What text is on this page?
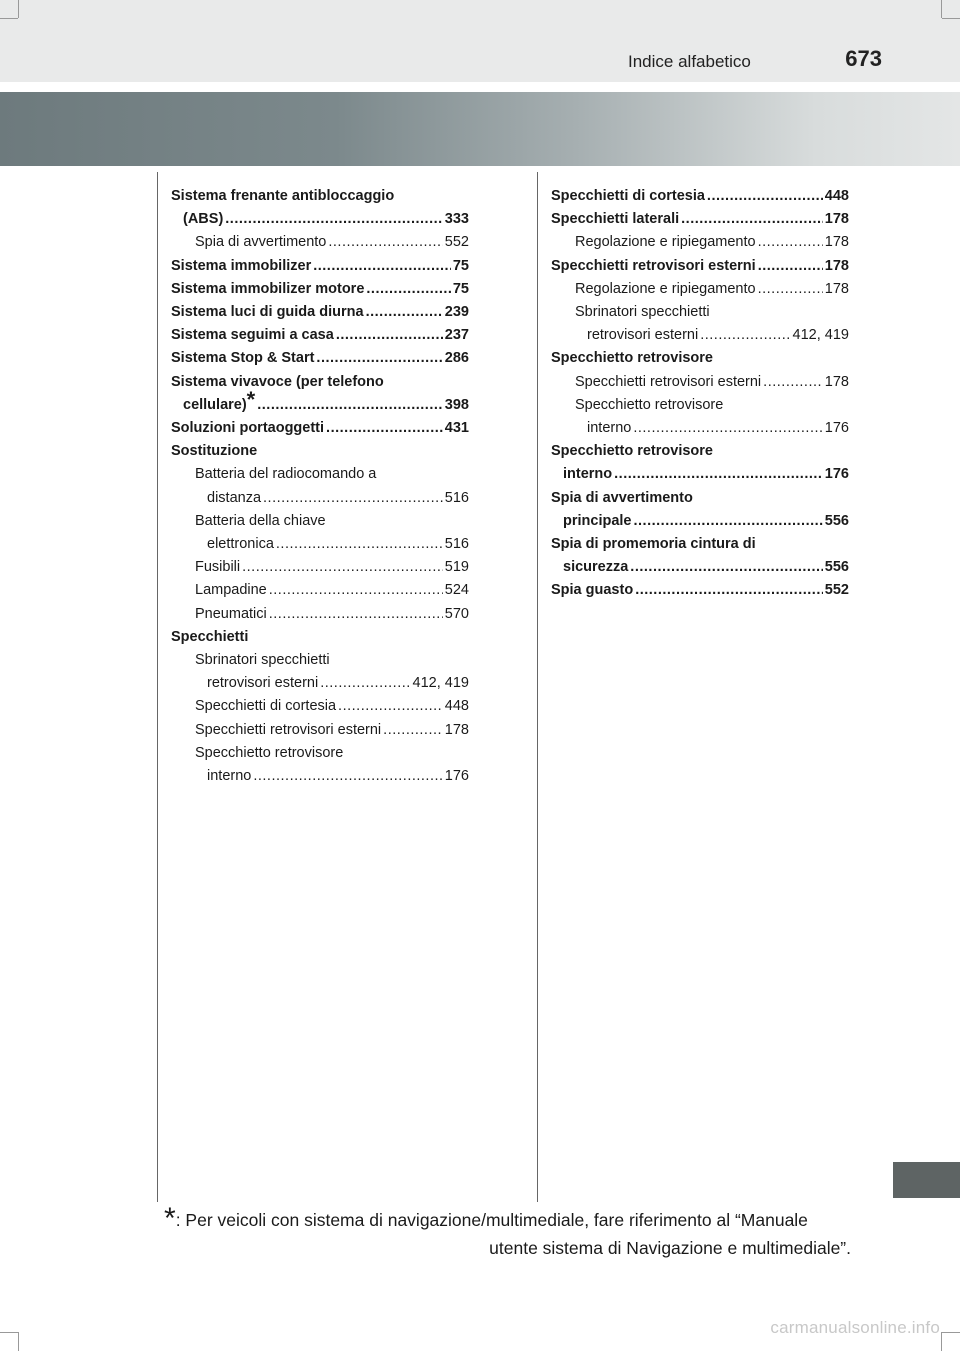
Indice alfabetico	673
Sistema frenante antibloccaggio
(ABS) .....	333
Spia di avvertimento .....	552
Sistema immobilizer .....	75
Sistema immobilizer motore .....	75
Sistema luci di guida diurna .....	239
Sistema seguimi a casa .....	237
Sistema Stop & Start .....	286
Sistema vivavoce (per telefono
cellulare)* .....	398
Soluzioni portaoggetti .....	431
Sostituzione
Batteria del radiocomando a
distanza .....	516
Batteria della chiave
elettronica .....	516
Fusibili .....	519
Lampadine .....	524
Pneumatici .....	570
Specchietti
Sbrinatori specchietti
retrovisori esterni .....	412, 419
Specchietti di cortesia .....	448
Specchietti retrovisori esterni .....	178
Specchietto retrovisore
interno .....	176
Specchietti di cortesia .....	448
Specchietti laterali .....	178
Regolazione e ripiegamento .....	178
Specchietti retrovisori esterni .....	178
Regolazione e ripiegamento .....	178
Sbrinatori specchietti
retrovisori esterni .....	412, 419
Specchietto retrovisore
Specchietti retrovisori esterni .....	178
Specchietto retrovisore
interno .....	176
Specchietto retrovisore
interno .....	176
Spia di avvertimento
principale .....	556
Spia di promemoria cintura di
sicurezza .....	556
Spia guasto .....	552
*: Per veicoli con sistema di navigazione/multimediale, fare riferimento al “Manuale
utente sistema di Navigazione e multimediale”.
carmanualsonline.info
